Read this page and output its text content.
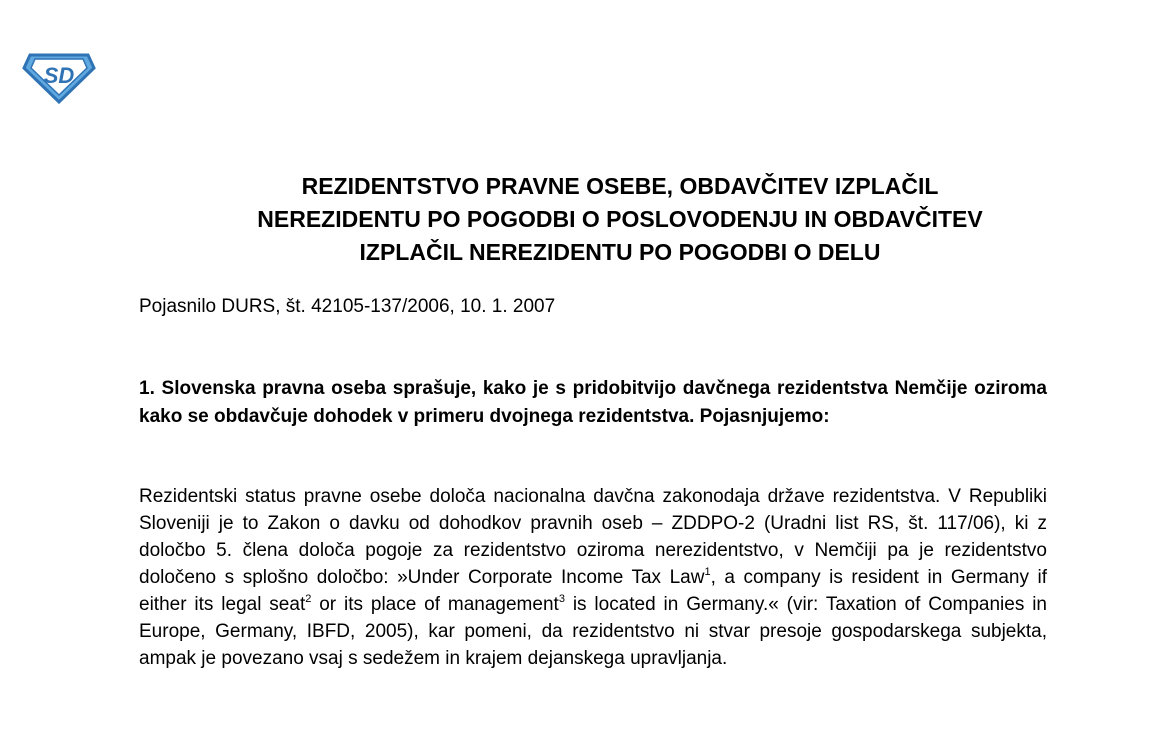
SD
REZIDENTSTVO PRAVNE OSEBE, OBDAVČITEV IZPLAČIL
NEREZIDENTU PO POGODBI O POSLOVODENJU IN OBDAVČITEV
IZPLAČIL NEREZIDENTU PO POGODBI O DELU

Pojasnilo DURS, št. 42105-137/2006, 10. 1. 2007

1. Slovenska pravna oseba sprašuje, kako je s pridobitvijo davčnega rezidentstva Nemčije oziroma kako se obdavčuje dohodek v primeru dvojnega rezidentstva. Pojasnjujemo:

Rezidentski status pravne osebe določa nacionalna davčna zakonodaja države rezidentstva. V Republiki Sloveniji je to Zakon o davku od dohodkov pravnih oseb – ZDDPO-2 (Uradni list RS, št. 117/06), ki z določbo 5. člena določa pogoje za rezidentstvo oziroma nerezidentstvo, v Nemčiji pa je rezidentstvo določeno s splošno določbo: »Under Corporate Income Tax Law$^1$, a company is resident in Germany if either its legal seat$^2$ or its place of management$^3$ is located in Germany.« (vir: Taxation of Companies in Europe, Germany, IBFD, 2005), kar pomeni, da rezidentstvo ni stvar presoje gospodarskega subjekta, ampak je povezano vsaj s sedežem in krajem dejanskega upravljanja.
